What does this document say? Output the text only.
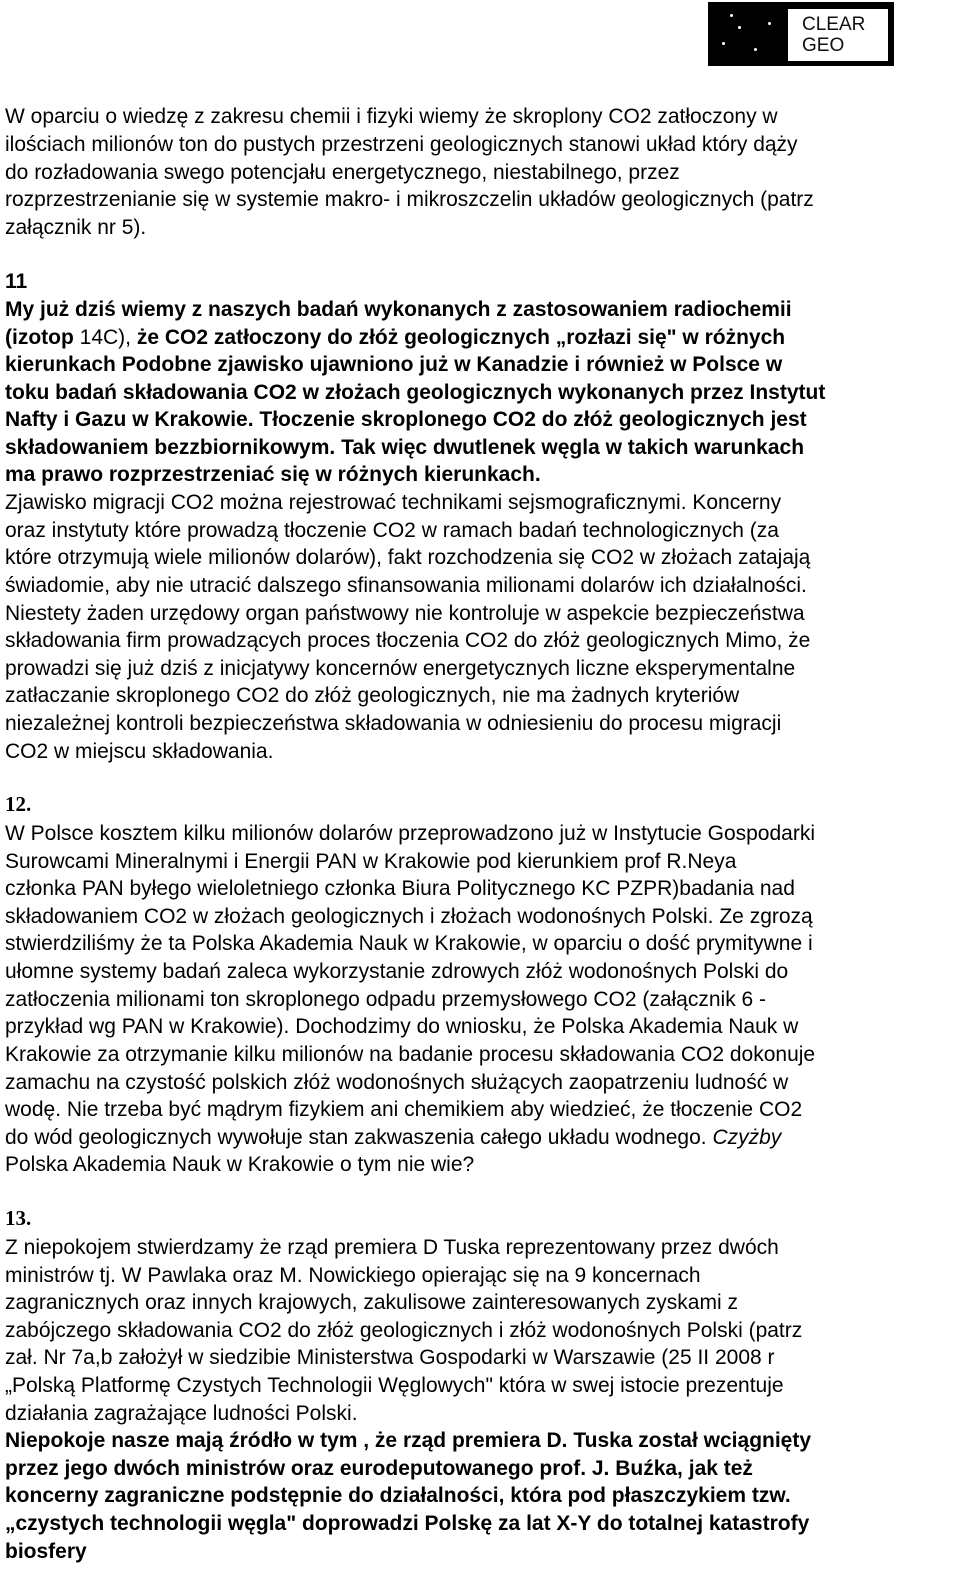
CLEAR
GEO
W oparciu o wiedzę z zakresu chemii i fizyki wiemy że skroplony CO2 zatłoczony w
ilościach milionów ton do pustych przestrzeni geologicznych stanowi układ który dąży
do rozładowania swego potencjału energetycznego, niestabilnego, przez
rozprzestrzenianie się w systemie makro- i mikroszczelin układów geologicznych (patrz
załącznik nr 5).
11
My już dziś wiemy z naszych badań wykonanych z zastosowaniem radiochemii
(izotop 14C), że CO2 zatłoczony do złóż geologicznych „rozłazi się" w różnych
kierunkach Podobne zjawisko ujawniono już w Kanadzie i również w Polsce w
toku badań składowania CO2 w złożach geologicznych wykonanych przez Instytut
Nafty i Gazu w Krakowie. Tłoczenie skroplonego CO2 do złóż geologicznych jest
składowaniem bezzbiornikowym. Tak więc dwutlenek węgla w takich warunkach
ma prawo rozprzestrzeniać się w różnych kierunkach.
Zjawisko migracji CO2 można rejestrować technikami sejsmograficznymi. Koncerny
oraz instytuty które prowadzą tłoczenie CO2 w ramach badań technologicznych (za
które otrzymują wiele milionów dolarów), fakt rozchodzenia się CO2 w złożach zatajają
świadomie, aby nie utracić dalszego sfinansowania milionami dolarów ich działalności.
Niestety żaden urzędowy organ państwowy nie kontroluje w aspekcie bezpieczeństwa
składowania firm prowadzących proces tłoczenia CO2 do złóż geologicznych Mimo, że
prowadzi się już dziś z inicjatywy koncernów energetycznych liczne eksperymentalne
zatłaczanie skroplonego CO2 do złóż geologicznych, nie ma żadnych kryteriów
niezależnej kontroli bezpieczeństwa składowania w odniesieniu do procesu migracji
CO2 w miejscu składowania.
12.
W Polsce kosztem kilku milionów dolarów przeprowadzono już w Instytucie Gospodarki
Surowcami Mineralnymi i Energii PAN w Krakowie pod kierunkiem prof R.Neya
członka PAN byłego wieloletniego członka Biura Politycznego KC PZPR)badania nad
składowaniem CO2 w złożach geologicznych i złożach wodonośnych Polski. Ze zgrozą
stwierdziliśmy że ta Polska Akademia Nauk w Krakowie, w oparciu o dość prymitywne i
ułomne systemy badań zaleca wykorzystanie zdrowych złóż wodonośnych Polski do
zatłoczenia milionami ton skroplonego odpadu przemysłowego CO2 (załącznik 6 -
przykład wg PAN w Krakowie). Dochodzimy do wniosku, że Polska Akademia Nauk w
Krakowie za otrzymanie kilku milionów na badanie procesu składowania CO2 dokonuje
zamachu na czystość polskich złóż wodonośnych służących zaopatrzeniu ludność w
wodę. Nie trzeba być mądrym fizykiem ani chemikiem aby wiedzieć, że tłoczenie CO2
do wód geologicznych wywołuje stan zakwaszenia całego układu wodnego. Czyżby
Polska Akademia Nauk w Krakowie o tym nie wie?
13.
Z niepokojem stwierdzamy że rząd premiera D Tuska reprezentowany przez dwóch
ministrów tj. W Pawlaka oraz M. Nowickiego opierając się na 9 koncernach
zagranicznych oraz innych krajowych, zakulisowe zainteresowanych zyskami z
zabójczego składowania CO2 do złóż geologicznych i złóż wodonośnych Polski (patrz
zał. Nr 7a,b założył w siedzibie Ministerstwa Gospodarki w Warszawie (25 II 2008 r
„Polską Platformę Czystych Technologii Węglowych" która w swej istocie prezentuje
działania zagrażające ludności Polski.
Niepokoje nasze mają źródło w tym , że rząd premiera D. Tuska został wciągnięty
przez jego dwóch ministrów oraz eurodeputowanego prof. J. Buźka, jak też
koncerny zagraniczne podstępnie do działalności, która pod płaszczykiem tzw.
„czystych technologii węgla" doprowadzi Polskę za lat X-Y do totalnej katastrofy
biosfery
